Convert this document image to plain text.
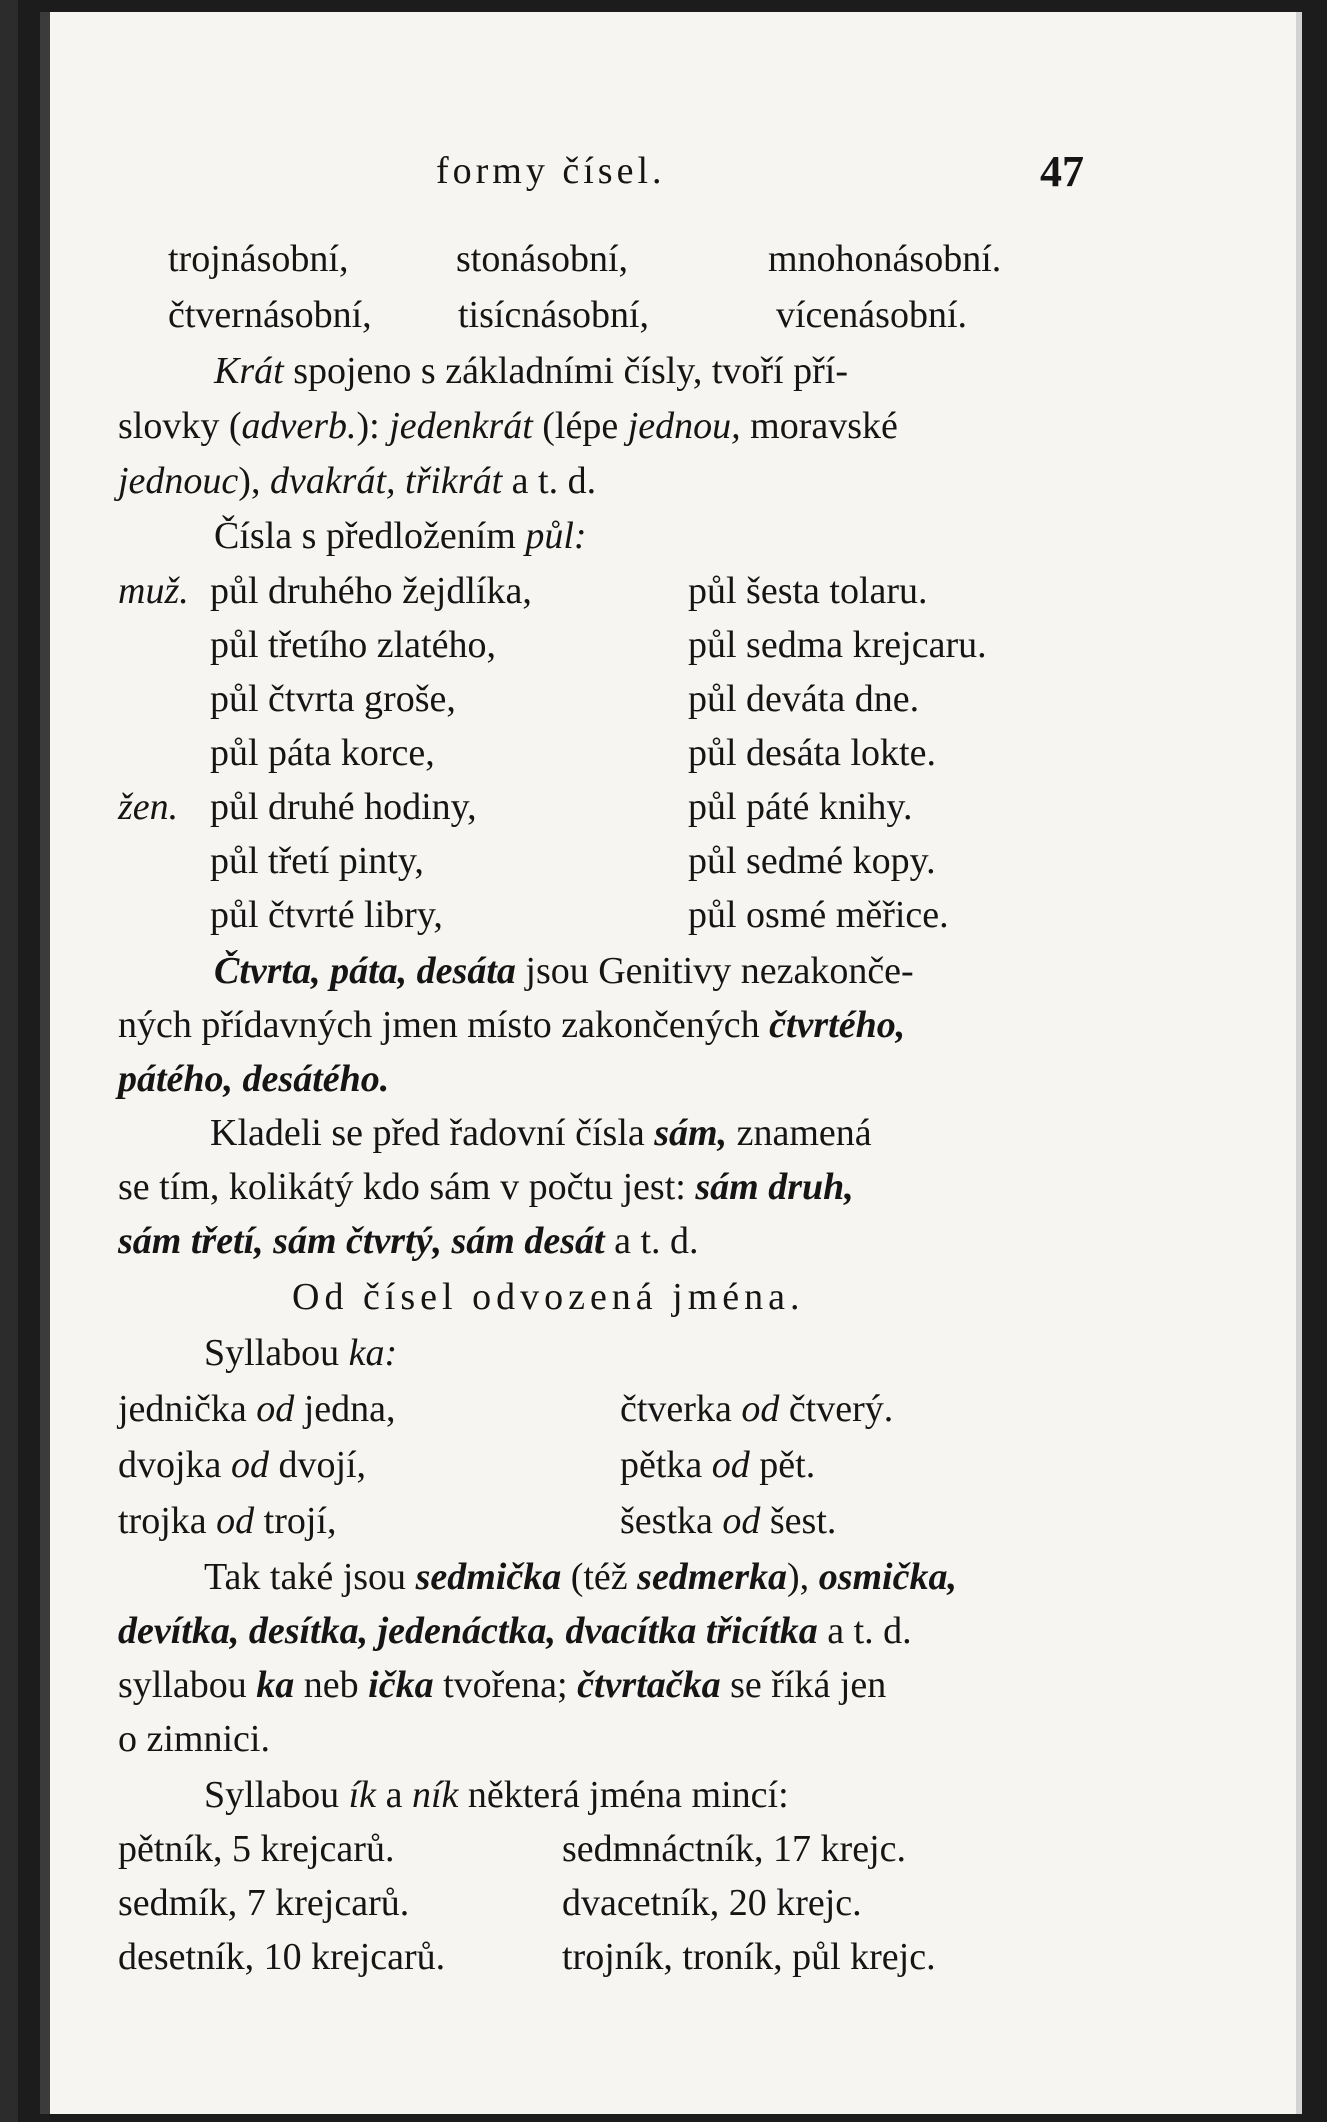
formy čísel.	47
trojnásobní,	stonásobní,	mnohonásobní.
čtvernásobní, tisícnásobní,	vícenásobní.
Krát spojeno s základními čísly, tvoří pří-
slovky (adverb.): jedenkrát (lépe jednou, moravské
jednouc), dvakrát, třikrát a t. d.
Čísla s předložením půl:
muž. půl druhého žejdlíka,	půl šesta tolaru.
půl třetího zlatého,	půl sedma krejcaru.
půl čtvrta groše,	půl deváta dne.
půl páta korce,	půl desáta lokte.
žen. půl druhé hodiny,	půl páté knihy.
půl třetí pinty,	půl sedmé kopy.
půl čtvrté libry,	půl osmé měřice.
Čtvrta, páta, desáta jsou Genitivy nezakonče-
ných přídavných jmen místo zakončených čtvrtého,
pátého, desátého.
Kladeli se před řadovní čísla sám, znamená
se tím, kolikátý kdo sám v počtu jest: sám druh,
sám třetí, sám čtvrtý, sám desát a t. d.
Od čísel odvozená jména.
Syllabou ka:
jednička od jedna,	čtverka od čtverý.
dvojka od dvojí,	pětka od pět.
trojka od trojí,	šestka od šest.
Tak také jsou sedmička (též sedmerka), osmička,
devítka, desítka, jedenáctka, dvacítka třicítka a t. d.
syllabou ka neb ička tvořena; čtvrtačka se říká jen
o zimnici.
Syllabou ík a ník některá jména mincí:
pětník, 5 krejcarů.	sedmnáctník, 17 krejc.
sedmík, 7 krejcarů.	dvacetník, 20 krejc.
desetník, 10 krejcarů.	trojník, troník, půl krejc.
